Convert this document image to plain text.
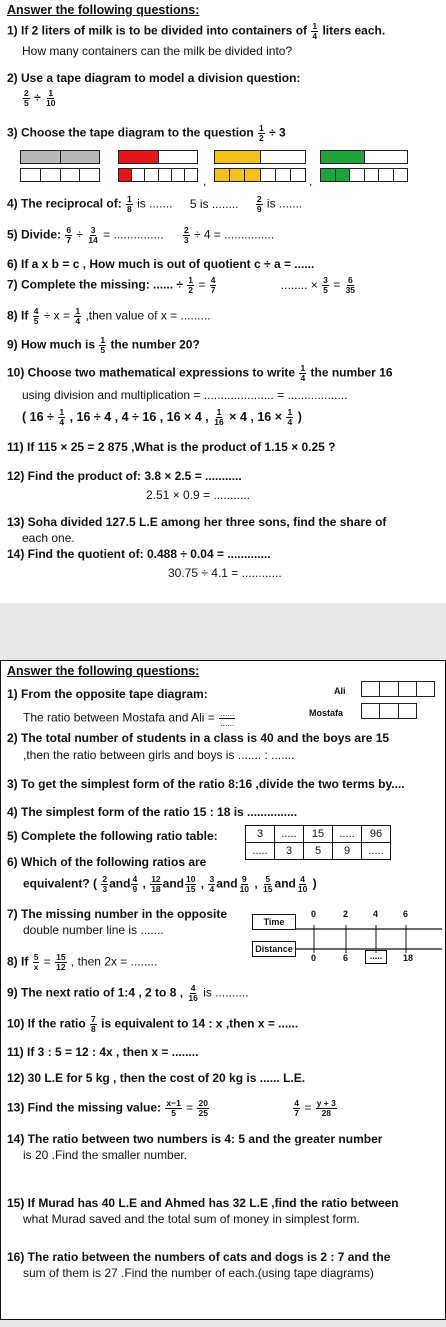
Answer the following questions:
1) If 2 liters of milk is to be divided into containers of $\frac{1}{4}$ liters each.
How many containers can the milk be divided into?
2) Use a tape diagram to model a division question:
$\frac{2}{5} \div \frac{1}{10}$
3) Choose the tape diagram to the question $\frac{1}{2} \div 3$
,	,
4) The reciprocal of: $\frac{1}{8}$ is ....... 5 is ........ $\frac{2}{9}$ is .......
5) Divide: $\frac{6}{7} \div \frac{3}{14}$ = ............... $\frac{2}{3} \div 4$ = ...............
6) If a x b = c , How much is out of quotient c ÷ a = ......
7) Complete the missing: ...... ÷ $\frac{1}{2} = \frac{4}{7}$	........ × $\frac{3}{5} = \frac{6}{35}$
8) If $\frac{4}{5} \div x = \frac{1}{4}$ ,then value of x = .........
9) How much is $\frac{1}{5}$ the number 20?
10) Choose two mathematical expressions to write $\frac{1}{4}$ the number 16
using division and multiplication = ..................... = ..................
( $16 \div \frac{1}{4}$ , 16 ÷ 4 , 4 ÷ 16 , 16 × 4 , $\frac{1}{16} \times 4$ , $16 \times \frac{1}{4}$ )
11) If 115 × 25 = 2 875 ,What is the product of 1.15 × 0.25 ?
12) Find the product of: 3.8 × 2.5 = ...........
2.51 × 0.9 = ...........
13) Soha divided 127.5 L.E among her three sons, find the share of
each one.
14) Find the quotient of: 0.488 ÷ 0.04 = .............
30.75 ÷ 4.1 = ............
Answer the following questions:
1) From the opposite tape diagram:	Ali
Mostafa
The ratio between Mostafa and Ali = $\frac{......}{......}$
2) The total number of students in a class is 40 and the boys are 15
,then the ratio between girls and boys is ....... : .......
3) To get the simplest form of the ratio 8:16 ,divide the two terms by....
4) The simplest form of the ratio 15 : 18 is ...............
5) Complete the following ratio table:	3	.....	15	.....	96
.....	3	5	9	.....
6) Which of the following ratios are
equivalent? ( $\frac{2}{3}$ and $\frac{4}{9}$ , $\frac{12}{18}$ and $\frac{10}{15}$ , $\frac{3}{4}$ and $\frac{9}{10}$ , $\frac{5}{15}$ and $\frac{4}{10}$ )
7) The missing number in the opposite
double number line is .......
Time
Distance
0	2	4	6
0	6	.....	18
8) If $\frac{5}{x} = \frac{15}{12}$ , then 2x = ........
9) The next ratio of 1:4 , 2 to 8 , $\frac{4}{16}$ is ..........
10) If the ratio $\frac{7}{8}$ is equivalent to 14 : x ,then x = ......
11) If 3 : 5 = 12 : 4x , then x = ........
12) 30 L.E for 5 kg , then the cost of 20 kg is ...... L.E.
13) Find the missing value: $\frac{x-1}{5} = \frac{20}{25}$
	$\frac{4}{7} = \frac{y + 3}{28}$
14) The ratio between two numbers is 4: 5 and the greater number
is 20 .Find the smaller number.
15) If Murad has 40 L.E and Ahmed has 32 L.E ,find the ratio between
what Murad saved and the total sum of money in simplest form.
16) The ratio between the numbers of cats and dogs is 2 : 7 and the
sum of them is 27 .Find the number of each.(using tape diagrams)
